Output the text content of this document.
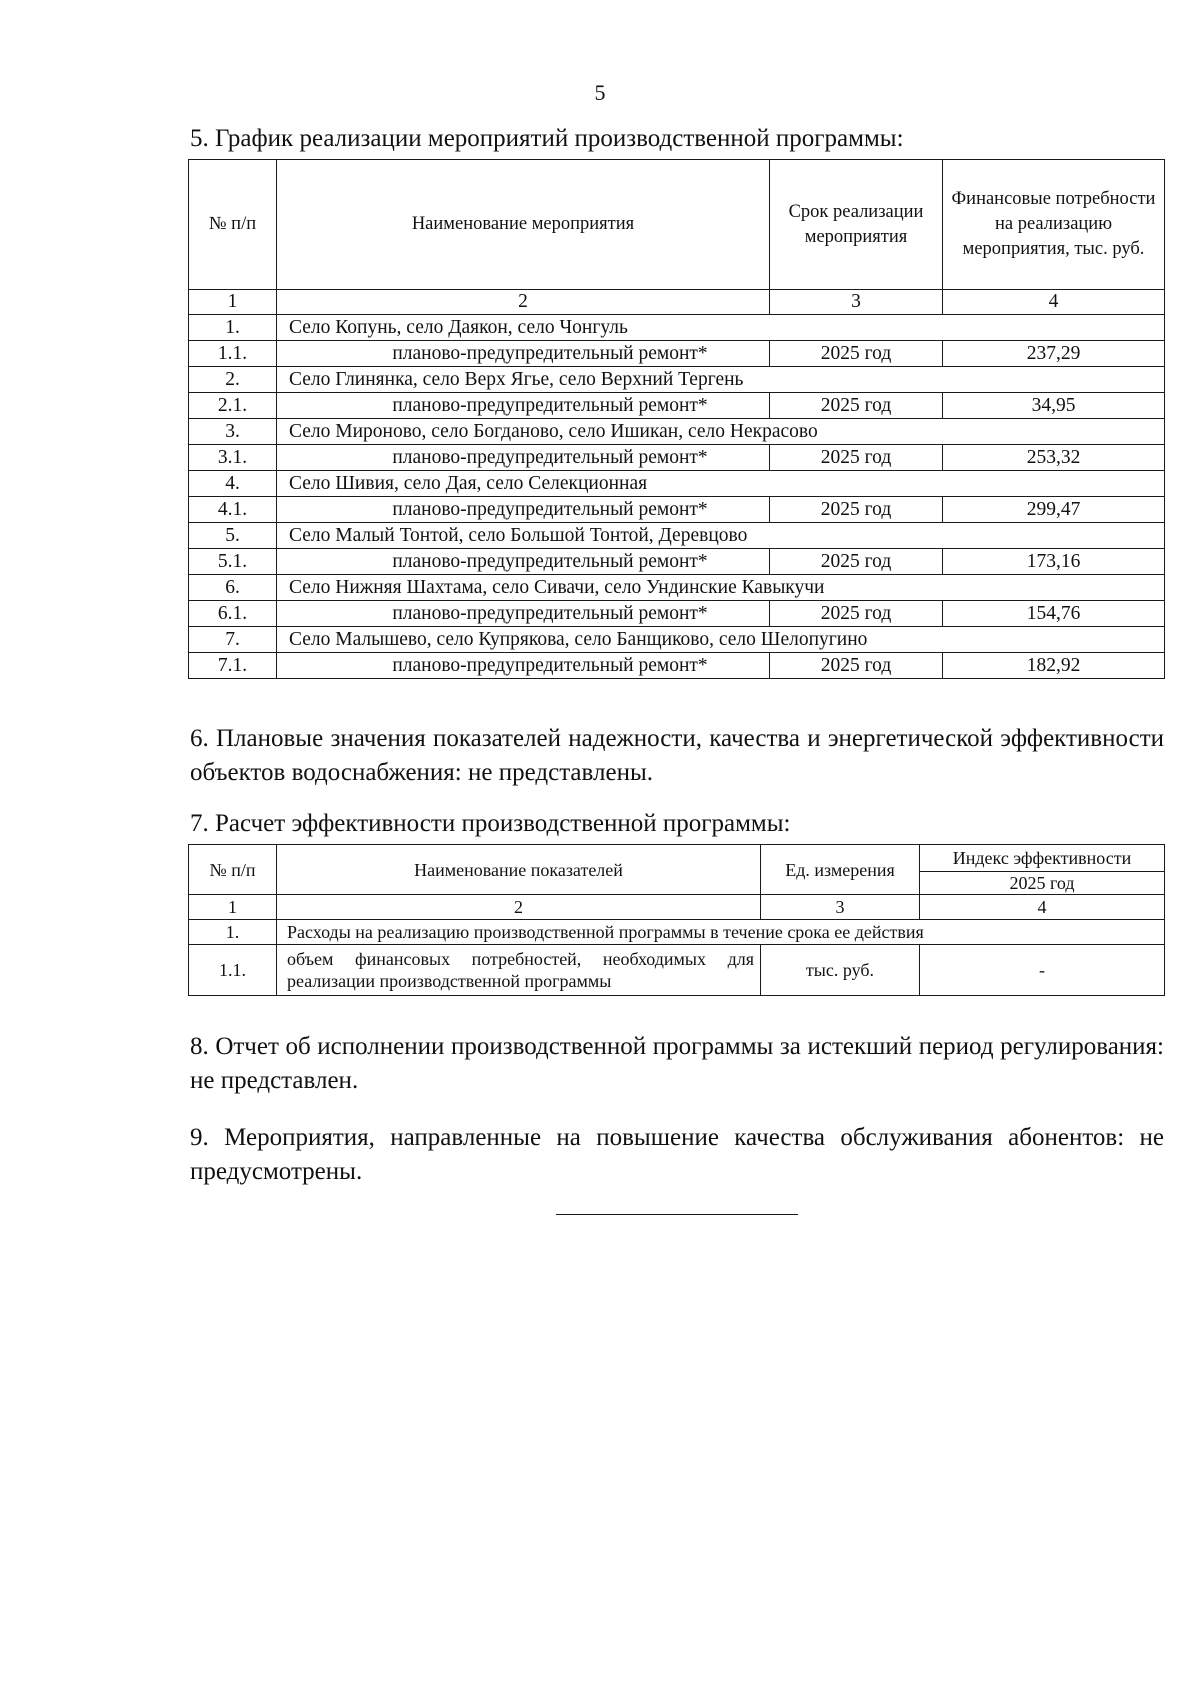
5
5. График реализации мероприятий производственной программы:
№ п/п	Наименование мероприятия	Срок реализации мероприятия	Финансовые потребности на реализацию мероприятия, тыс. руб.
1	2	3	4
1.	Село Копунь, село Даякон, село Чонгуль		
1.1.	планово-предупредительный ремонт*	2025 год	237,29
2.	Село Глинянка, село Верх Ягье, село Верхний Тергень		
2.1.	планово-предупредительный ремонт*	2025 год	34,95
3.	Село Мироново, село Богданово, село Ишикан, село Некрасово		
3.1.	планово-предупредительный ремонт*	2025 год	253,32
4.	Село Шивия, село Дая, село Селекционная		
4.1.	планово-предупредительный ремонт*	2025 год	299,47
5.	Село Малый Тонтой, село Большой Тонтой, Деревцово		
5.1.	планово-предупредительный ремонт*	2025 год	173,16
6.	Село Нижняя Шахтама, село Сивачи, село Ундинские Кавыкучи		
6.1.	планово-предупредительный ремонт*	2025 год	154,76
7.	Село Малышево, село Купрякова, село Банщиково, село Шелопугино		
7.1.	планово-предупредительный ремонт*	2025 год	182,92
6. Плановые значения показателей надежности, качества и энергетической эффективности объектов водоснабжения: не представлены.
7. Расчет эффективности производственной программы:
№ п/п	Наименование показателей	Ед. измерения	Индекс эффективности
			2025 год
1	2	3	4
1.	Расходы на реализацию производственной программы в течение срока ее действия		
1.1.	объем финансовых потребностей, необходимых для реализации производственной программы	тыс. руб.	-
8. Отчет об исполнении производственной программы за истекший период регулирования: не представлен.
9. Мероприятия, направленные на повышение качества обслуживания абонентов: не предусмотрены.
